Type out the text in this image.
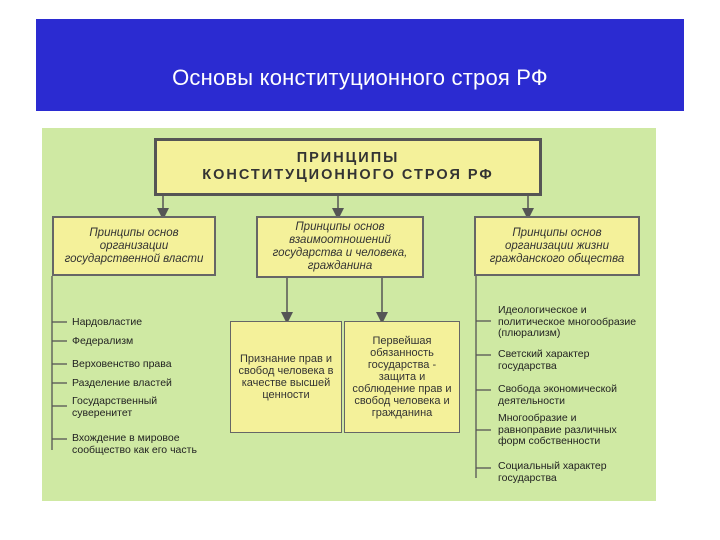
Основы конституционного строя РФ
ПРИНЦИПЫ
КОНСТИТУЦИОННОГО СТРОЯ РФ
Принципы основ организации государственной власти
Принципы основ взаимоотношений государства и человека, гражданина
Принципы основ организации жизни гражданского общества
Признание прав и свобод человека в качестве высшей ценности
Первейшая обязанность государства - защита и соблюдение прав и свобод человека и гражданина
Нардовластие
Федерализм
Верховенство права
Разделение властей
Государственный суверенитет
Вхождение в мировое сообщество как его часть
Идеологическое и политическое многообразие (плюрализм)
Светский характер государства
Свобода экономической деятельности
Многообразие и равноправие различных форм собственности
Социальный характер государства
